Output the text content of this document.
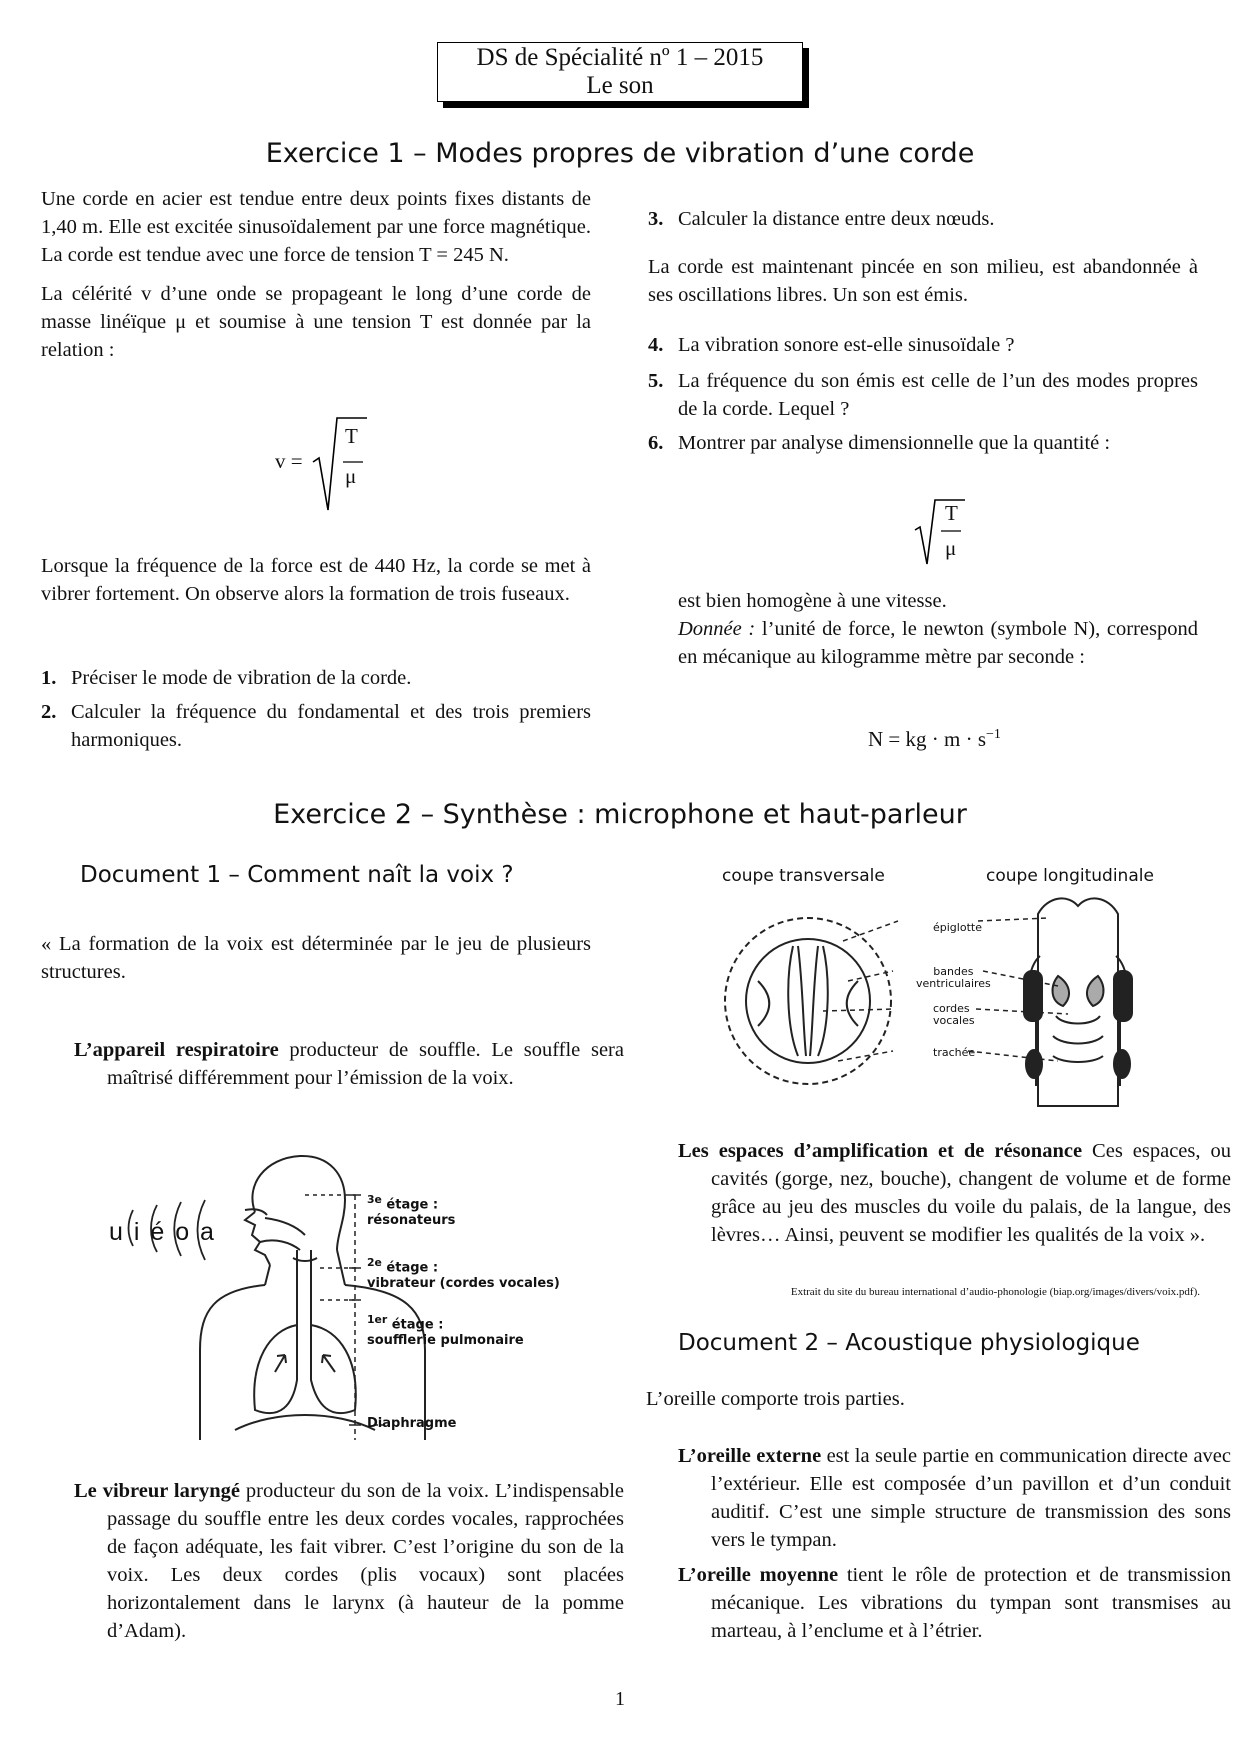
DS de Spécialité nº 1 – 2015
Le son
Exercice 1 – Modes propres de vibration d’une corde

Une corde en acier est tendue entre deux points fixes distants de 1,40 m. Elle est excitée sinusoïdalement par une force magnétique. La corde est tendue avec une force de tension T = 245 N.

La célérité v d’une onde se propageant le long d’une corde de masse linéïque μ et soumise à une tension T est donnée par la relation :

v =
T
μ
Lorsque la fréquence de la force est de 440 Hz, la corde se met à vibrer fortement. On observe alors la formation de trois fuseaux.
1. Préciser le mode de vibration de la corde.
2. Calculer la fréquence du fondamental et des trois premiers harmoniques.
3. Calculer la distance entre deux nœuds.

La corde est maintenant pincée en son milieu, est abandonnée à ses oscillations libres. Un son est émis.

4. La vibration sonore est-elle sinusoïdale ?
5. La fréquence du son émis est celle de l’un des modes propres de la corde. Lequel ?
6. Montrer par analyse dimensionnelle que la quantité :
T
μ

est bien homogène à une vitesse.

Donnée : l’unité de force, le newton (symbole N), correspond en mécanique au kilogramme mètre par seconde :

N = kg · $m \cdot s^{-1}$
Exercice 2 – Synthèse : microphone et haut-parleur
Document 1 – Comment naît la voix ?
« La formation de la voix est déterminée par le jeu de plusieurs structures.
L’appareil respiratoire producteur de souffle. Le souffle sera maîtrisé différemment pour l’émission de la voix.
u i é o a
$^{3e}$ étage :
résonateurs
$^{2e}$ étage :
vibrateur (cordes vocales)
$^{1er}$ étage :
soufflerie pulmonaire
Diaphragme
Le vibreur laryngé producteur du son de la voix. L’indispensable passage du souffle entre les deux cordes vocales, rapprochées de façon adéquate, les fait vibrer. C’est l’origine du son de la voix. Les deux cordes (plis vocaux) sont placées horizontalement dans le larynx (à hauteur de la pomme d’Adam).
coupe transversale	coupe longitudinale
épiglotte
bandes
ventriculaires
cordes
vocales
trachée
Les espaces d’amplification et de résonance Ces espaces, ou cavités (gorge, nez, bouche), changent de volume et de forme grâce au jeu des muscles du voile du palais, de la langue, des lèvres… Ainsi, peuvent se modifier les qualités de la voix ».
Extrait du site du bureau international d’audio-phonologie (biap.org/images/divers/voix.pdf).
Document 2 – Acoustique physiologique
L’oreille comporte trois parties.
L’oreille externe est la seule partie en communication directe avec l’extérieur. Elle est composée d’un pavillon et d’un conduit auditif. C’est une simple structure de transmission des sons vers le tympan.
L’oreille moyenne tient le rôle de protection et de transmission mécanique. Les vibrations du tympan sont transmises au marteau, à l’enclume et à l’étrier.
1
